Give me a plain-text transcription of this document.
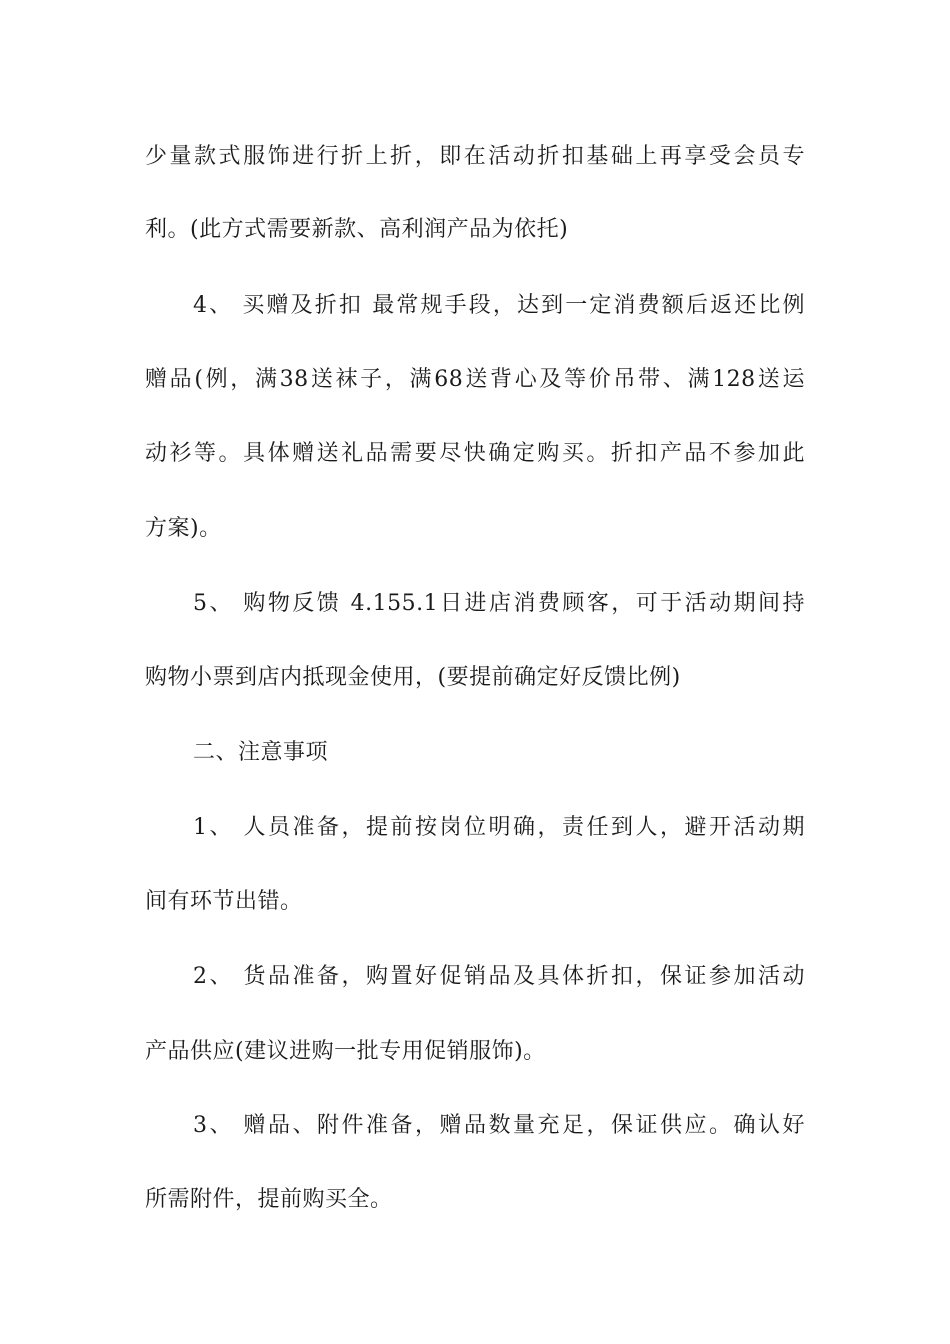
少量款式服饰进行折上折，即在活动折扣基础上再享受会员专
利。(此方式需要新款、高利润产品为依托)
4、 买赠及折扣 最常规手段，达到一定消费额后返还比例
赠品(例，满38送袜子，满68送背心及等价吊带、满128送运
动衫等。具体赠送礼品需要尽快确定购买。折扣产品不参加此
方案)。
5、 购物反馈 4.155.1日进店消费顾客，可于活动期间持
购物小票到店内抵现金使用，(要提前确定好反馈比例)
二、注意事项
1、 人员准备，提前按岗位明确，责任到人，避开活动期
间有环节出错。
2、 货品准备，购置好促销品及具体折扣，保证参加活动
产品供应(建议进购一批专用促销服饰)。
3、 赠品、附件准备，赠品数量充足，保证供应。确认好
所需附件，提前购买全。
